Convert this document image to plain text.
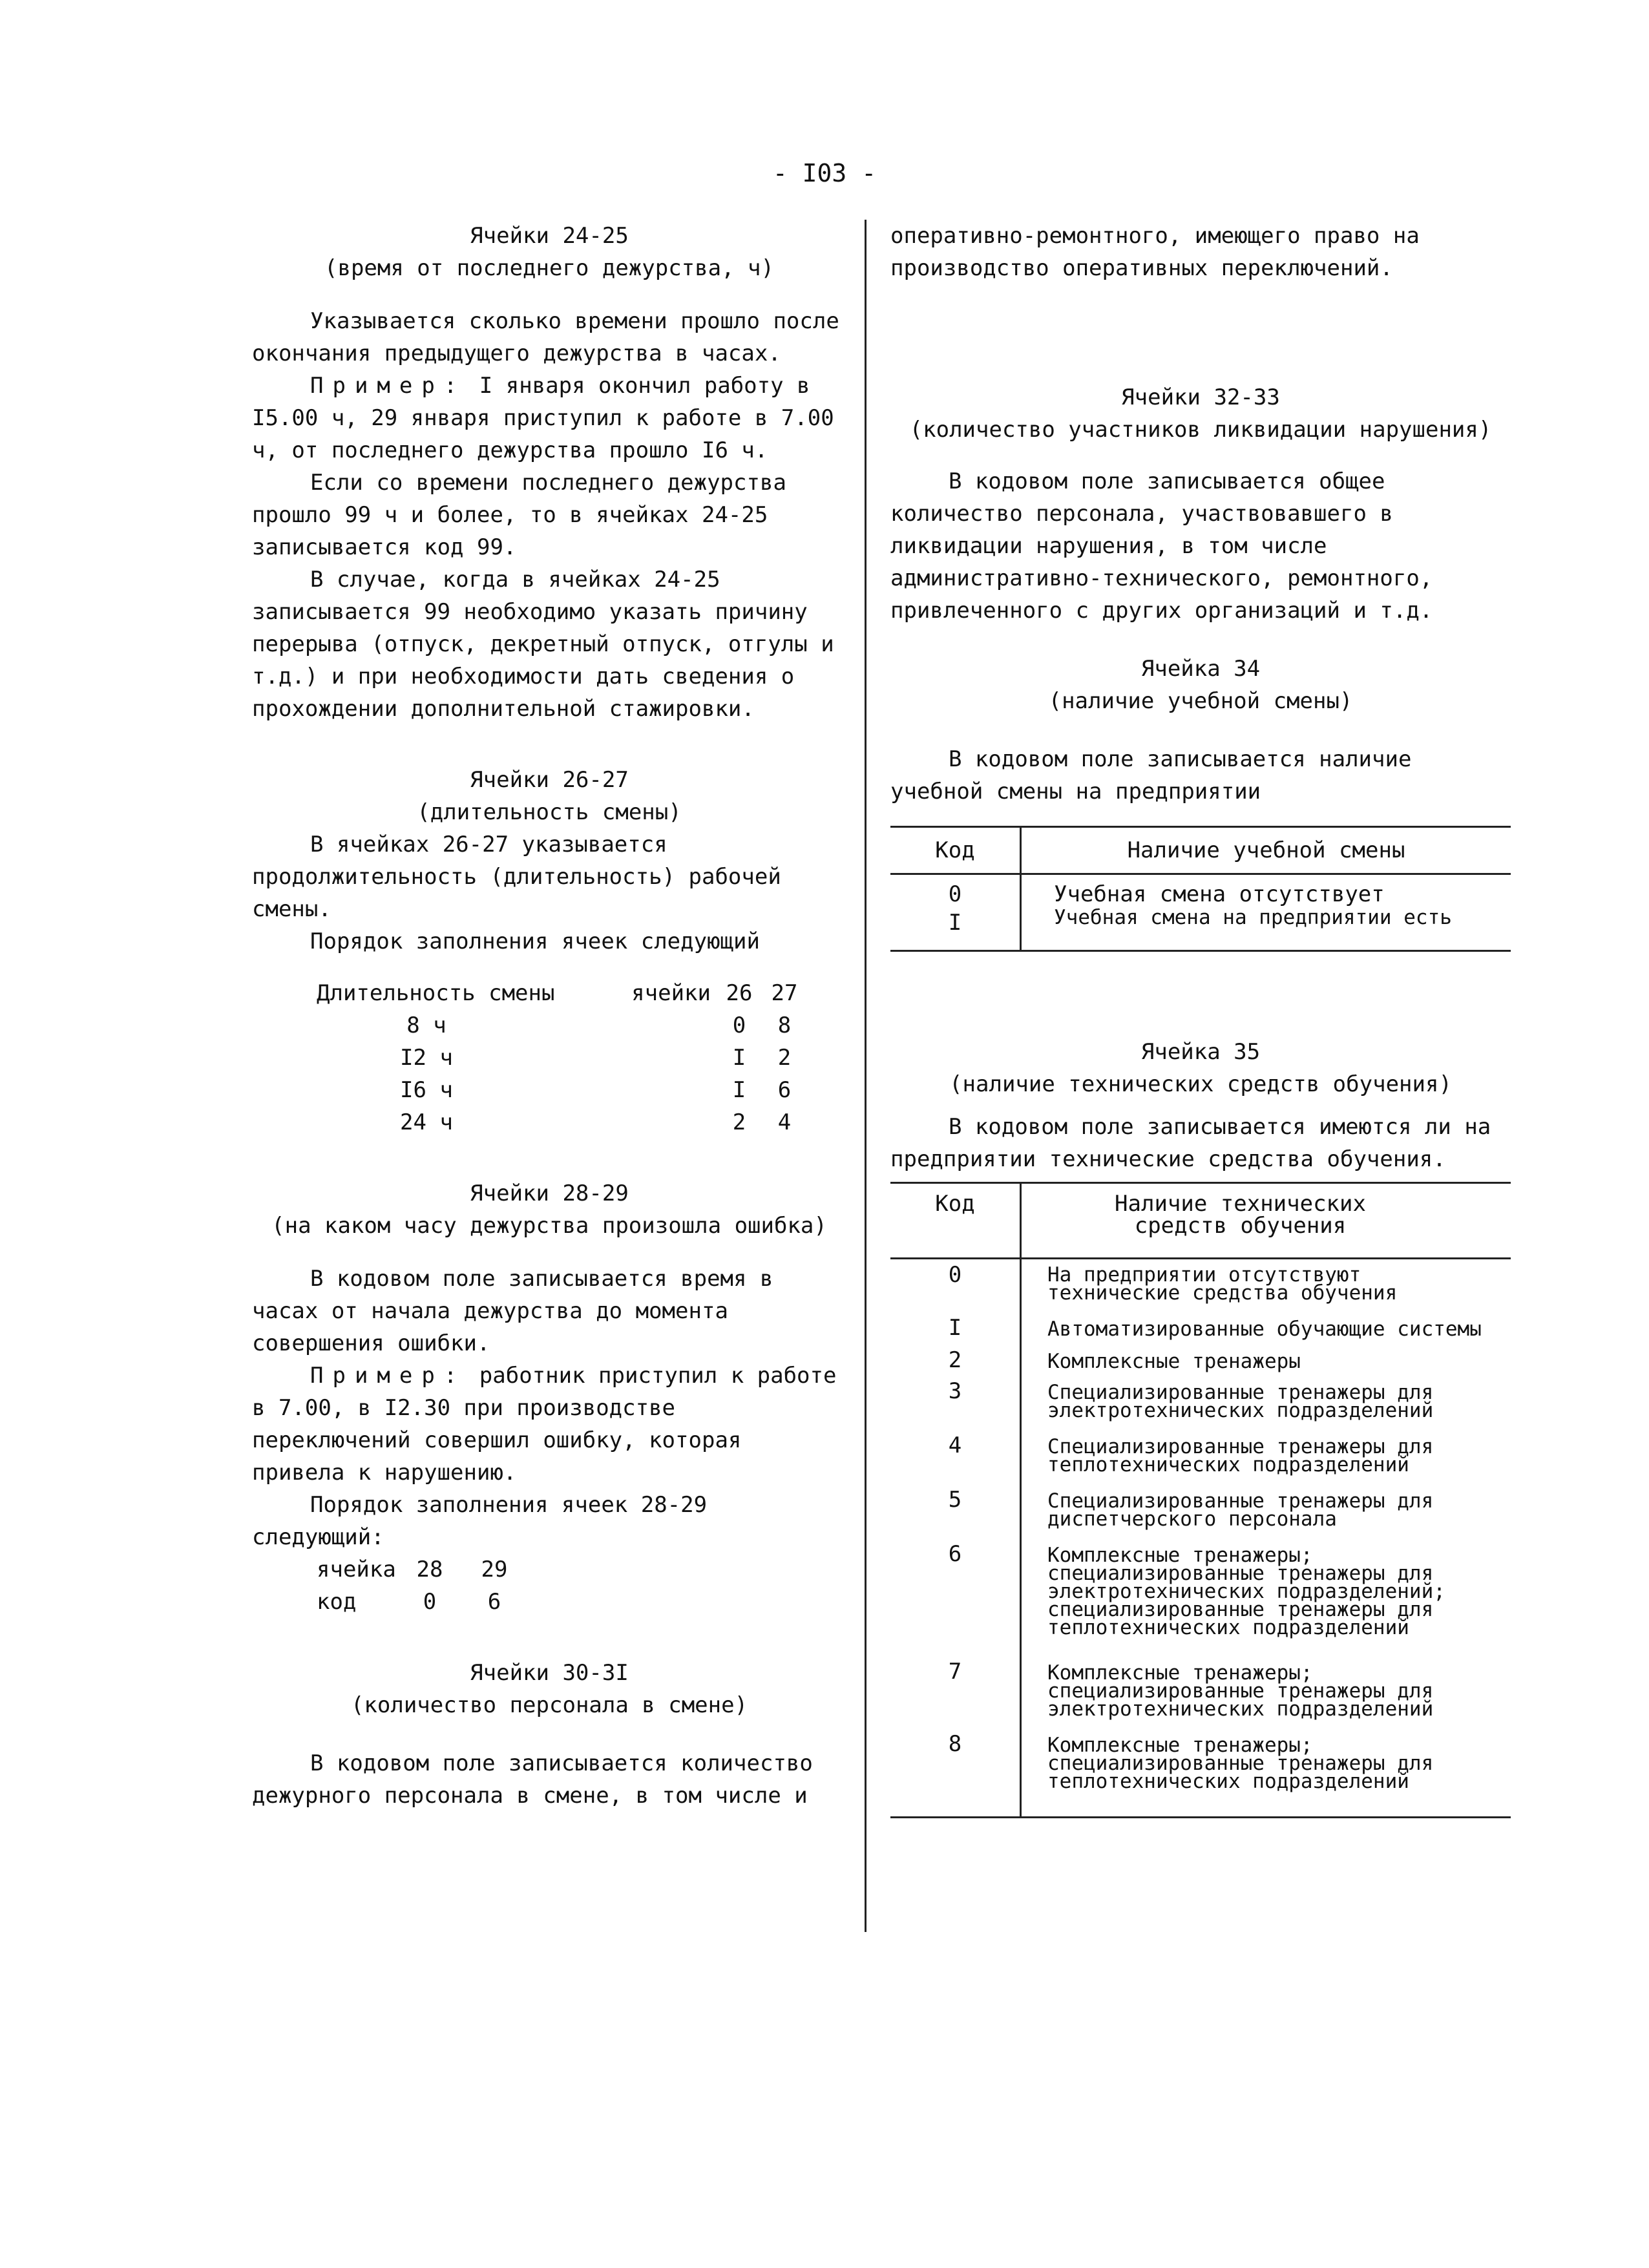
- I03 -

Ячейки 24-25

(время от последнего дежурства, ч)

Указывается сколько времени прошло после окончания предыдущего дежурства в часах.

Пример: I января окончил работу в I5.00 ч, 29 января приступил к работе в 7.00 ч, от последнего дежурства прошло I6 ч.

Если со времени последнего дежурства прошло 99 ч и более, то в ячейках 24-25 записывается код 99.

В случае, когда в ячейках 24-25 записывается 99 необходимо указать причину перерыва (отпуск, декретный отпуск, отгулы и т.д.) и при необходимости дать сведения о прохождении дополнительной стажировки.

Ячейки 26-27

(длительность смены)

В ячейках 26-27 указывается продолжительность (длительность) рабочей смены.

Порядок заполнения ячеек следующий

Длительность смены	ячейки	26	27
8 ч		0	8
I2 ч		I	2
I6 ч		I	6
24 ч		2	4

Ячейки 28-29

(на каком часу дежурства произошла ошибка)

В кодовом поле записывается время в часах от начала дежурства до момента совершения ошибки.

Пример: работник приступил к работе в 7.00, в I2.30 при производстве переключений совершил ошибку, которая привела к нарушению.

Порядок заполнения ячеек 28-29 следующий:

ячейка	28	29
код	0	6

Ячейки 30-3I

(количество персонала в смене)

В кодовом поле записывается количество дежурного персонала в смене, в том числе и

оперативно-ремонтного, имеющего право на производство оперативных переключений.

Ячейки 32-33

(количество участников ликвидации нарушения)

В кодовом поле записывается общее количество персонала, участвовавшего в ликвидации нарушения, в том числе административно-технического, ремонтного, привлеченного с других организаций и т.д.

Ячейка 34

(наличие учебной смены)

В кодовом поле записывается наличие учебной смены на предприятии

Код	Наличие учебной смены
0	Учебная смена отсутствует
I	Учебная смена на предприятии есть

Ячейка 35

(наличие технических средств обучения)

В кодовом поле записывается имеются ли на предприятии технические средства обучения.

Код	Наличие технических средств обучения
0	На предприятии отсутствуют технические средства обучения
I	Автоматизированные обучающие системы
2	Комплексные тренажеры
3	Специализированные тренажеры для электротехнических подразделений
4	Специализированные тренажеры для теплотехнических подразделений
5	Специализированные тренажеры для диспетчерского персонала
6	Комплексные тренажеры; специализированные тренажеры для электротехнических подразделений; специализированные тренажеры для теплотехнических подразделений
7	Комплексные тренажеры; специализированные тренажеры для электротехнических подразделений
8	Комплексные тренажеры; специализированные тренажеры для теплотехнических подразделений
